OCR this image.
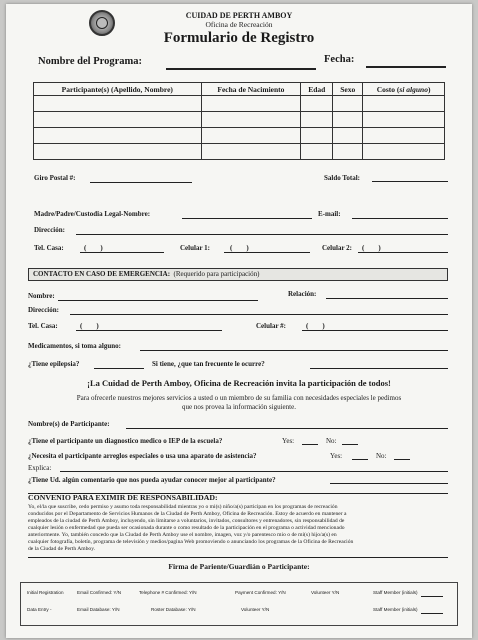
CUIDAD DE PERTH AMBOY
Oficina de Recreación
Formulario de Registro
Nombre del Programa:	Fecha:
Participante(s) (Apellido, Nombre)	Fecha de Nacimiento	Edad	Sexo	Costo (si alguno)

Giro Postal #:	Saldo Total:
Madre/Padre/Custodia Legal-Nombre:	E-mail:
Dirección:
Tel. Casa:	(        )	Celular 1:	(        )	Celular 2: (        )
CONTACTO EN CASO DE EMERGENCIA: (Requerido para participación)
Nombre:	Relación:
Dirección:
Tel. Casa:	(        )	Celular #:	(        )
Medicamentos, si toma alguno:
¿Tiene epilepsia?	Si tiene, ¿que tan frecuente le ocurre?
¡La Cuidad de Perth Amboy, Oficina de Recreación invita la participación de todos!
Para ofrecerle nuestros mejores servicios a usted o un miembro de su familia con necesidades especiales le pedimos
que nos provea la información siguiente.
Nombre(s) de Participante:
¿Tiene el participante un diagnostico medico o IEP de la escuela?	Yes:	No:
¿Necesita el participante arreglos especiales o usa una aparato de asistencia?	Yes:	No:
Explica:
¿Tiene Ud. algún comentario que nos pueda ayudar conocer mejor al participante?
CONVENIO PARA EXIMIR DE RESPONSABILIDAD:
Yo, el/la que suscribe, cedo permiso y asumo toda responsabilidad mientras yo o mi(s) niño/a(s) participan en los programas de recreación
conducidos por el Departamento de Servicios Humanos de la Ciudad de Perth Amboy, Oficina de Recreación. Estoy de acuerdo en mantener a
empleados de la ciudad de Perth Amboy, incluyendo, sin limitarse a voluntarios, invitados, consultores y entrenadores, sin responsabilidad de
cualquier lesión o enfermedad que pueda ser ocasionada durante o como resultado de la participación en el programa o actividad mencionado
anteriormente. Yo, también concedo que la Ciudad de Perth Amboy use el nombre, imagen, voz y/o parentesco mio o de mi(s) hijo/a(s) en
cualquier fotografía, boletín, programa de televisión y medios/pagina Web promoviendo o anunciando los programas de la Oficina de Recreación
de la Ciudad de Perth Amboy.
Firma de Pariente/Guardián o Participante:
Initial Registration	Email Confirmed: Y/N	Telephone # Confirmed: Y/N	Payment Confirmed: Y/N	Volunteer Y/N	Staff Member (initials)
Data Entry -	Email Database: Y/N	Roster Database: Y/N	Volunteer Y/N	Staff Member (initials)
